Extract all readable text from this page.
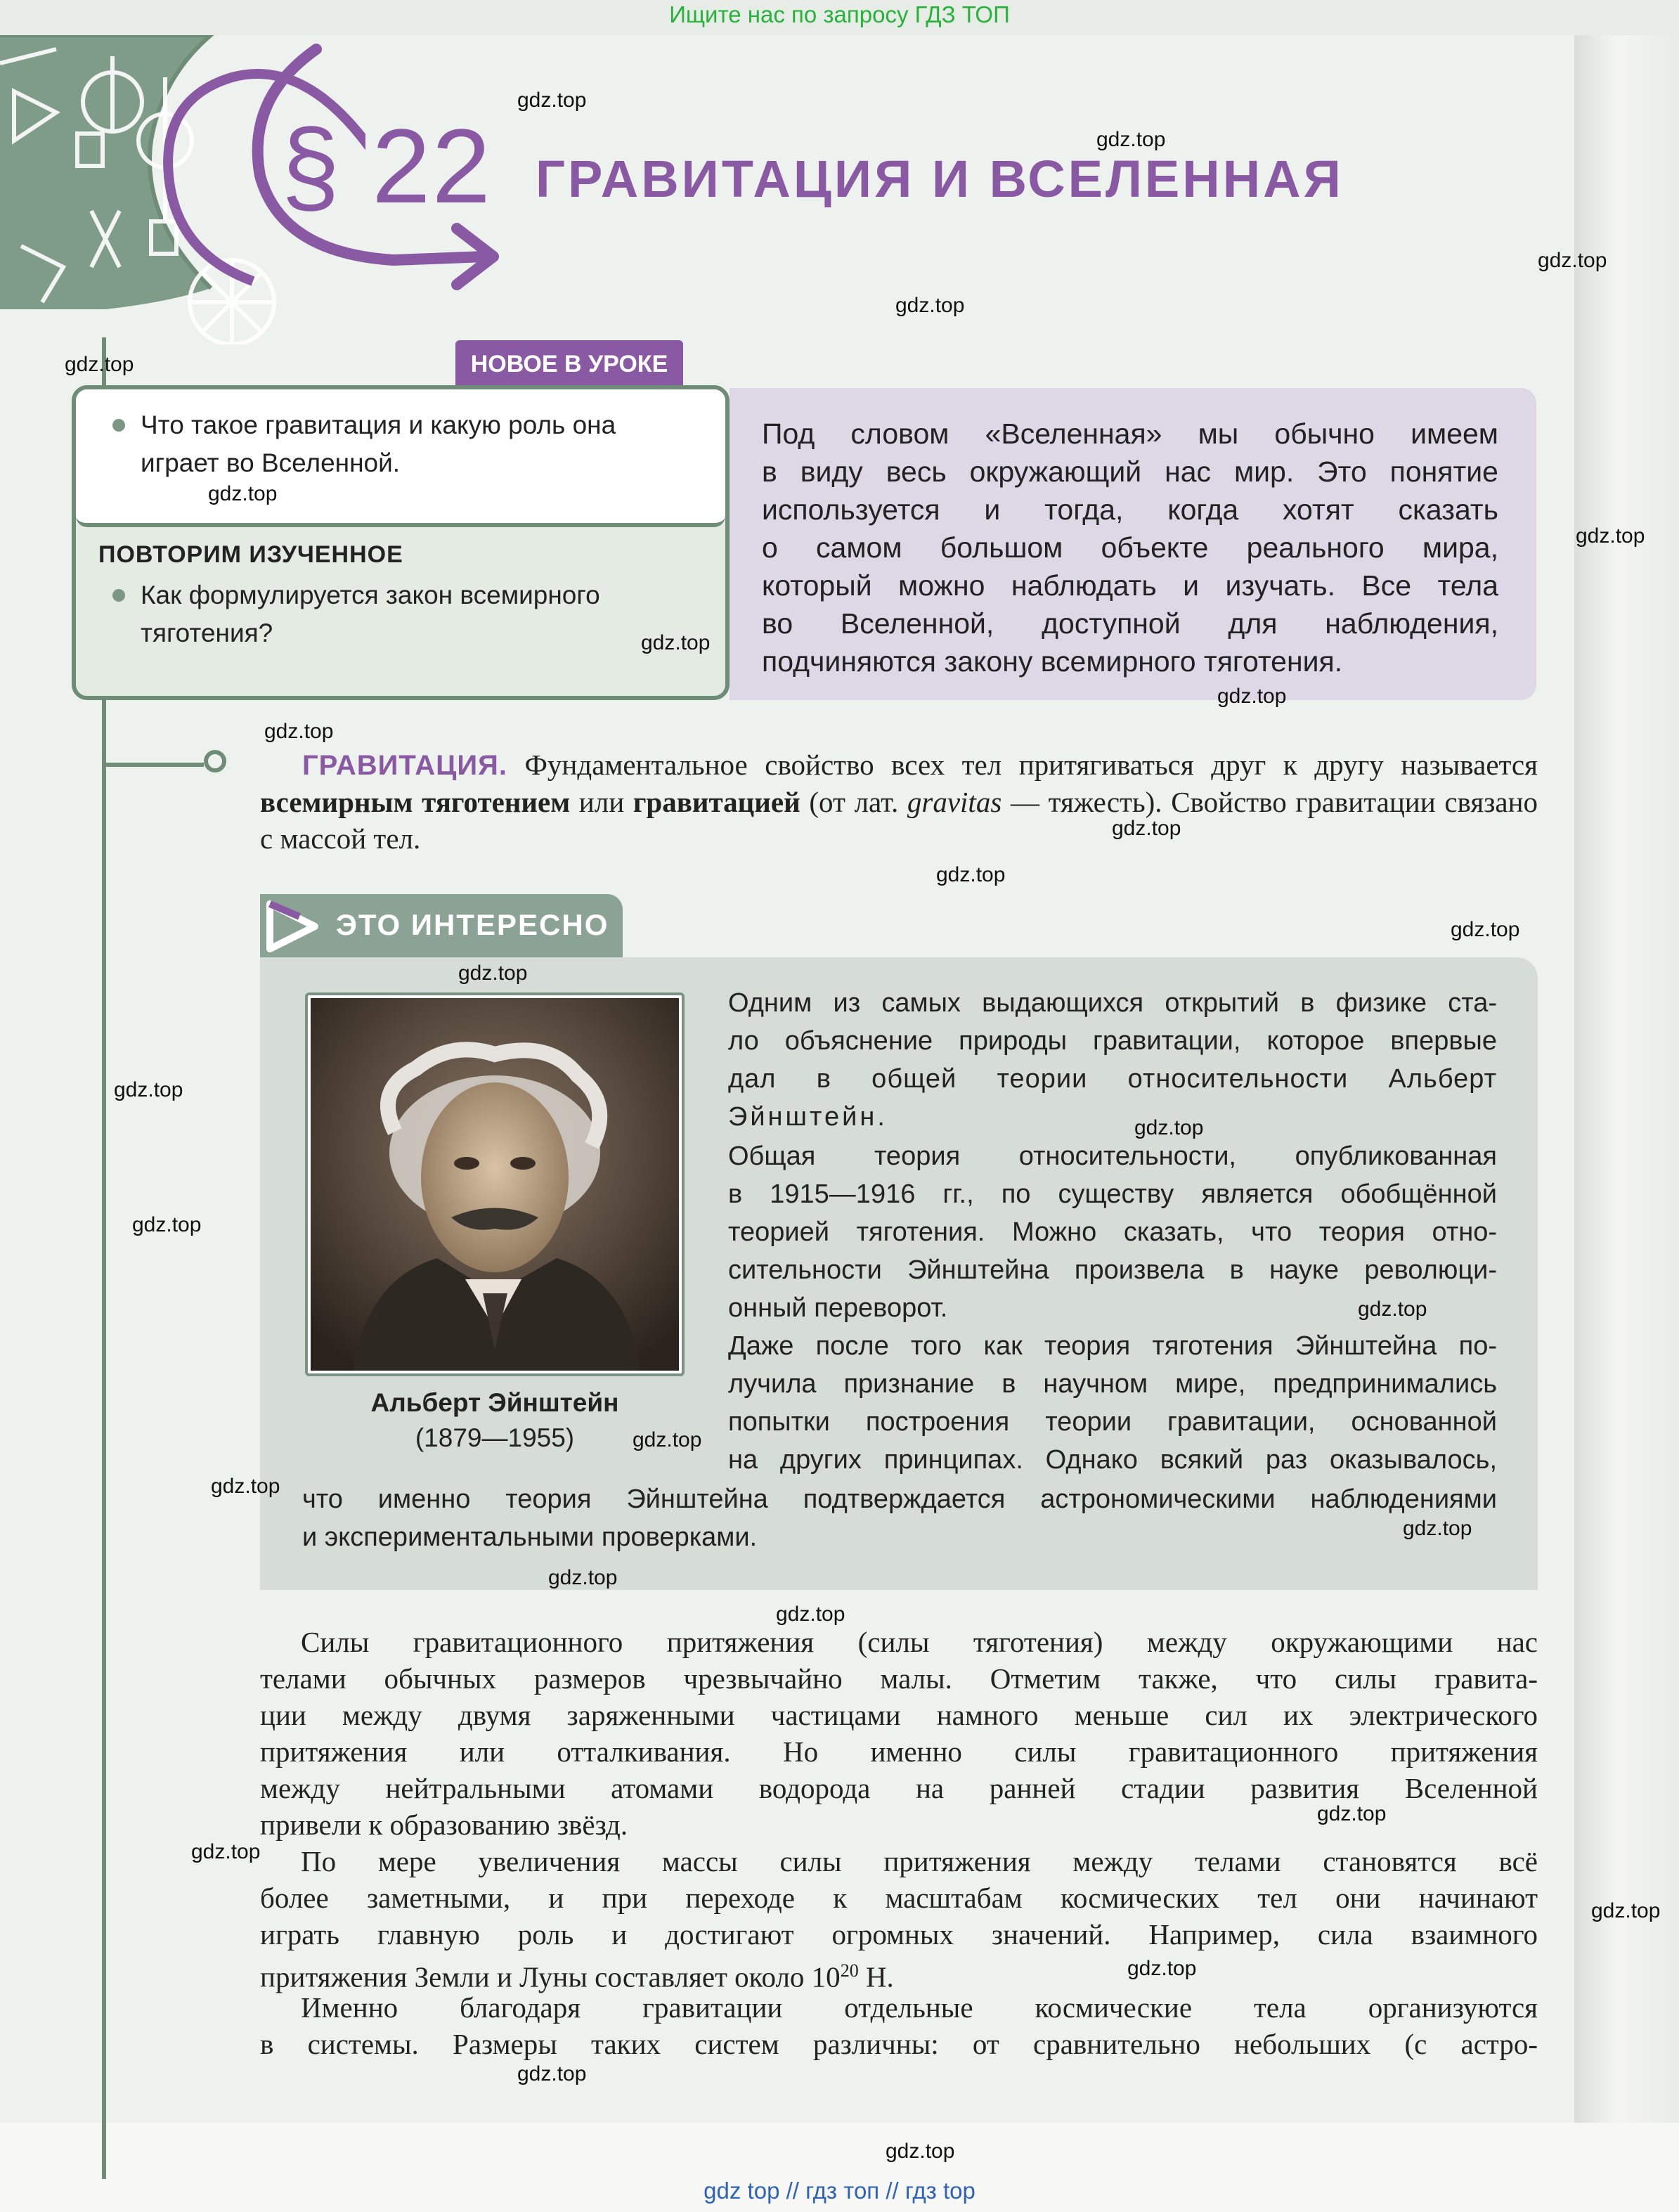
Ищите нас по запросу ГДЗ ТОП
§ 22 ГРАВИТАЦИЯ И ВСЕЛЕННАЯ
НОВОЕ В УРОКЕ
Что такое гравитация и какую роль она
играет во Вселенной.
ПОВТОРИМ ИЗУЧЕННОЕ
Как формулируется закон всемирного
тяготения?
Под словом «Вселенная» мы обычно имеем
в виду весь окружающий нас мир. Это понятие
используется и тогда, когда хотят сказать
о самом большом объекте реального мира,
который можно наблюдать и изучать. Все тела
во Вселенной, доступной для наблюдения,
подчиняются закону всемирного тяготения.
ГРАВИТАЦИЯ. Фундаментальное свойство всех тел притягиваться друг к другу называется всемирным тяготением или гравитацией (от лат. gravitas — тяжесть). Свойство гравитации связано с массой тел.
ЭТО ИНТЕРЕСНО
Альберт Эйнштейн
(1879—1955)
Одним из самых выдающихся открытий в физике ста-
ло объяснение природы гравитации, которое впервые
дал в общей теории относительности Альберт
Эйнштейн.
Общая теория относительности, опубликованная
в 1915—1916 гг., по существу является обобщённой
теорией тяготения. Можно сказать, что теория отно-
сительности Эйнштейна произвела в науке революци-
онный переворот.
Даже после того как теория тяготения Эйнштейна по-
лучила признание в научном мире, предпринимались
попытки построения теории гравитации, основанной
на других принципах. Однако всякий раз оказывалось,
что именно теория Эйнштейна подтверждается астрономическими наблюдениями
и экспериментальными проверками.
Силы гравитационного притяжения (силы тяготения) между окружающими нас
телами обычных размеров чрезвычайно малы. Отметим также, что силы гравита-
ции между двумя заряженными частицами намного меньше сил их электрического
притяжения или отталкивания. Но именно силы гравитационного притяжения
между нейтральными атомами водорода на ранней стадии развития Вселенной
привели к образованию звёзд.
По мере увеличения массы силы притяжения между телами становятся всё
более заметными, и при переходе к масштабам космических тел они начинают
играть главную роль и достигают огромных значений. Например, сила взаимного
притяжения Земли и Луны составляет около $10^{20}$ Н.
Именно благодаря гравитации отдельные космические тела организуются
в системы. Размеры таких систем различны: от сравнительно небольших (с астро-
gdz.top
gdz.top
gdz.top
gdz.top
gdz.top
gdz.top
gdz.top
gdz.top
gdz.top
gdz.top
gdz.top
gdz.top
gdz.top
gdz.top
gdz.top
gdz.top
gdz.top
gdz.top
gdz.top
gdz.top
gdz.top
gdz.top
gdz.top
gdz.top
gdz.top
gdz.top
gdz.top
gdz.top
gdz.top
gdz top // гдз топ // гдз top
